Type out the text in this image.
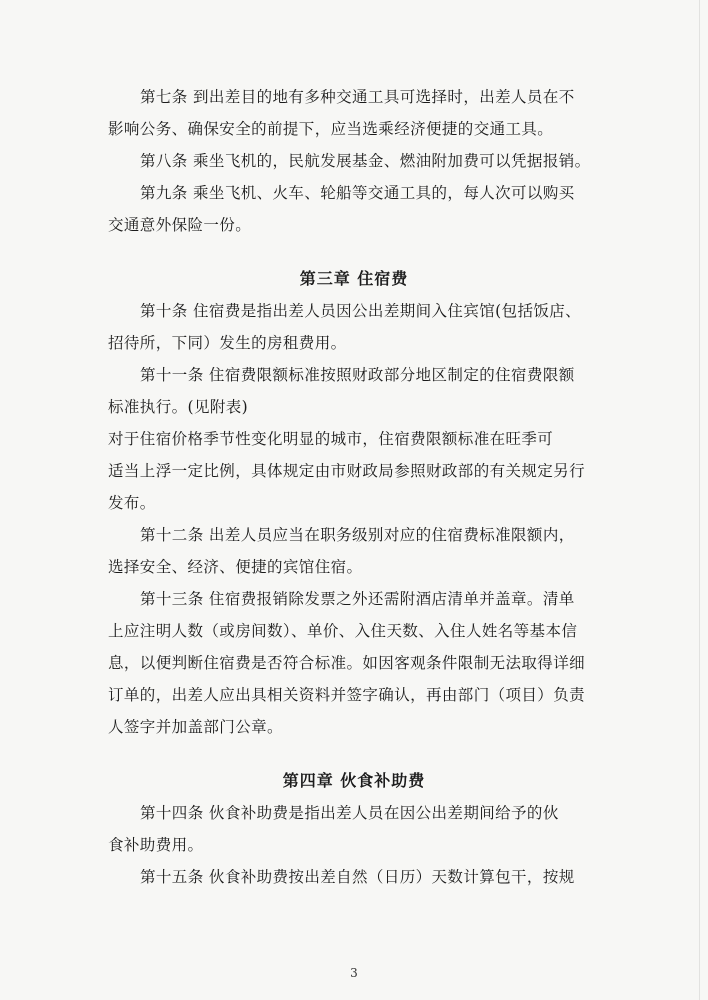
第七条 到出差目的地有多种交通工具可选择时，出差人员在不
影响公务、确保安全的前提下，应当选乘经济便捷的交通工具。
第八条 乘坐飞机的，民航发展基金、燃油附加费可以凭据报销。
第九条 乘坐飞机、火车、轮船等交通工具的，每人次可以购买
交通意外保险一份。
第三章 住宿费
第十条 住宿费是指出差人员因公出差期间入住宾馆(包括饭店、
招待所，下同）发生的房租费用。
第十一条 住宿费限额标准按照财政部分地区制定的住宿费限额
标准执行。(见附表)
对于住宿价格季节性变化明显的城市，住宿费限额标准在旺季可
适当上浮一定比例，具体规定由市财政局参照财政部的有关规定另行
发布。
第十二条 出差人员应当在职务级别对应的住宿费标准限额内，
选择安全、经济、便捷的宾馆住宿。
第十三条 住宿费报销除发票之外还需附酒店清单并盖章。清单
上应注明人数（或房间数）、单价、入住天数、入住人姓名等基本信
息，以便判断住宿费是否符合标准。如因客观条件限制无法取得详细
订单的，出差人应出具相关资料并签字确认，再由部门（项目）负责
人签字并加盖部门公章。
第四章 伙食补助费
第十四条 伙食补助费是指出差人员在因公出差期间给予的伙
食补助费用。
第十五条 伙食补助费按出差自然（日历）天数计算包干，按规
3
